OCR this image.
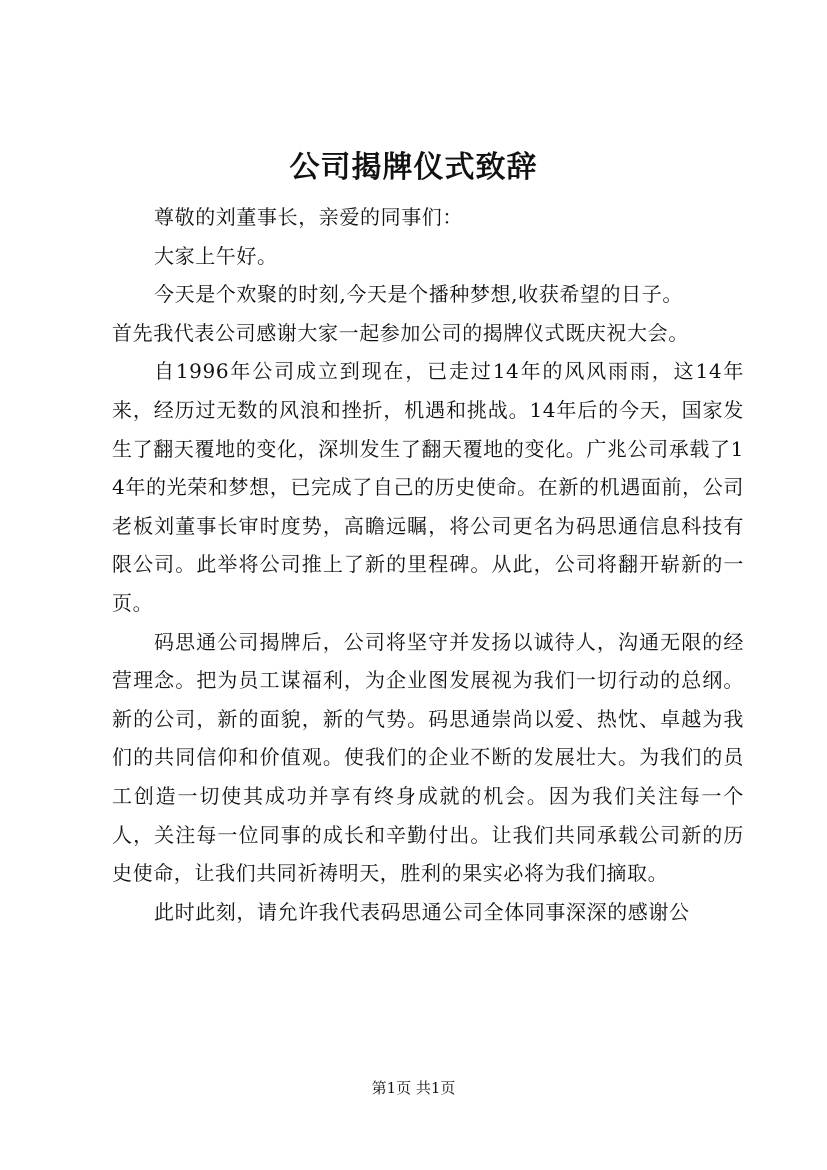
公司揭牌仪式致辞

尊敬的刘董事长，亲爱的同事们：

大家上午好。

今天是个欢聚的时刻,今天是个播种梦想,收获希望的日子。

首先我代表公司感谢大家一起参加公司的揭牌仪式既庆祝大会。

自1996年公司成立到现在，已走过14年的风风雨雨，这14年来，经历过无数的风浪和挫折，机遇和挑战。14年后的今天，国家发生了翻天覆地的变化，深圳发生了翻天覆地的变化。广兆公司承载了14年的光荣和梦想，已完成了自己的历史使命。在新的机遇面前，公司老板刘董事长审时度势，高瞻远瞩，将公司更名为码思通信息科技有限公司。此举将公司推上了新的里程碑。从此，公司将翻开崭新的一页。

码思通公司揭牌后，公司将坚守并发扬以诚待人，沟通无限的经营理念。把为员工谋福利，为企业图发展视为我们一切行动的总纲。新的公司，新的面貌，新的气势。码思通崇尚以爱、热忱、卓越为我们的共同信仰和价值观。使我们的企业不断的发展壮大。为我们的员工创造一切使其成功并享有终身成就的机会。因为我们关注每一个人，关注每一位同事的成长和辛勤付出。让我们共同承载公司新的历史使命，让我们共同祈祷明天，胜利的果实必将为我们摘取。

此时此刻，请允许我代表码思通公司全体同事深深的感谢公

第1页 共1页
